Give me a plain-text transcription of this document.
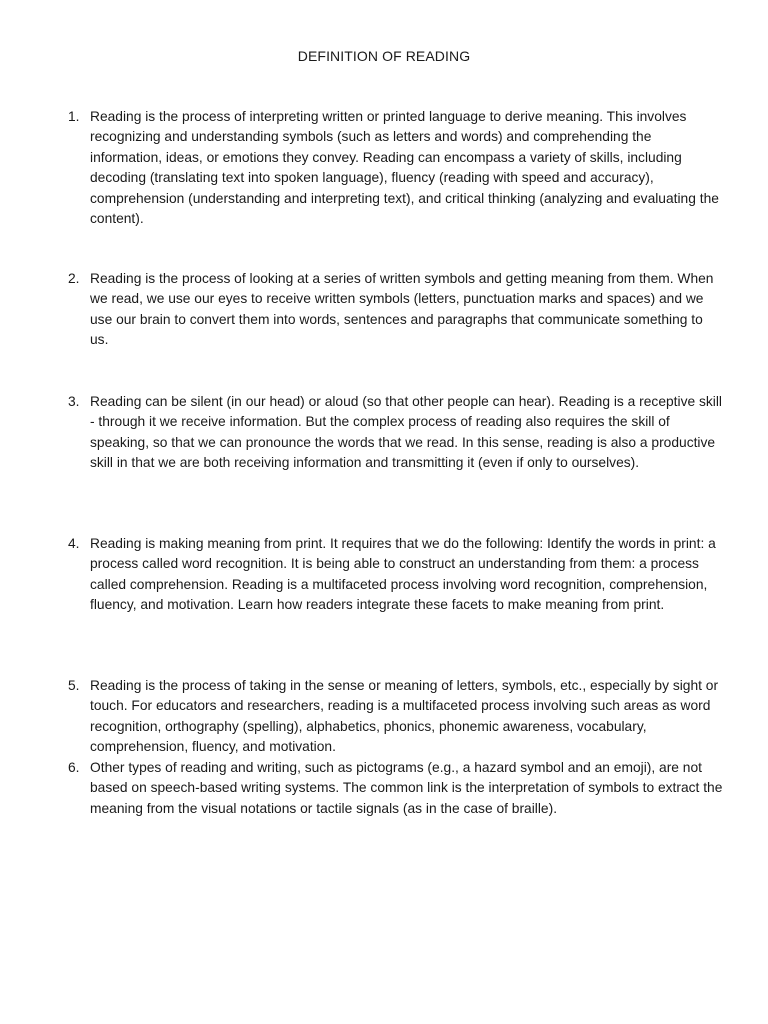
DEFINITION OF READING
1. Reading is the process of interpreting written or printed language to derive meaning. This involves recognizing and understanding symbols (such as letters and words) and comprehending the information, ideas, or emotions they convey. Reading can encompass a variety of skills, including decoding (translating text into spoken language), fluency (reading with speed and accuracy), comprehension (understanding and interpreting text), and critical thinking (analyzing and evaluating the content).
2. Reading is the process of looking at a series of written symbols and getting meaning from them. When we read, we use our eyes to receive written symbols (letters, punctuation marks and spaces) and we use our brain to convert them into words, sentences and paragraphs that communicate something to us.
3. Reading can be silent (in our head) or aloud (so that other people can hear). Reading is a receptive skill - through it we receive information. But the complex process of reading also requires the skill of speaking, so that we can pronounce the words that we read. In this sense, reading is also a productive skill in that we are both receiving information and transmitting it (even if only to ourselves).
4. Reading is making meaning from print. It requires that we do the following: Identify the words in print: a process called word recognition. It is being able to construct an understanding from them: a process called comprehension. Reading is a multifaceted process involving word recognition, comprehension, fluency, and motivation. Learn how readers integrate these facets to make meaning from print.
5. Reading is the process of taking in the sense or meaning of letters, symbols, etc., especially by sight or touch. For educators and researchers, reading is a multifaceted process involving such areas as word recognition, orthography (spelling), alphabetics, phonics, phonemic awareness, vocabulary, comprehension, fluency, and motivation.
6. Other types of reading and writing, such as pictograms (e.g., a hazard symbol and an emoji), are not based on speech-based writing systems. The common link is the interpretation of symbols to extract the meaning from the visual notations or tactile signals (as in the case of braille).
